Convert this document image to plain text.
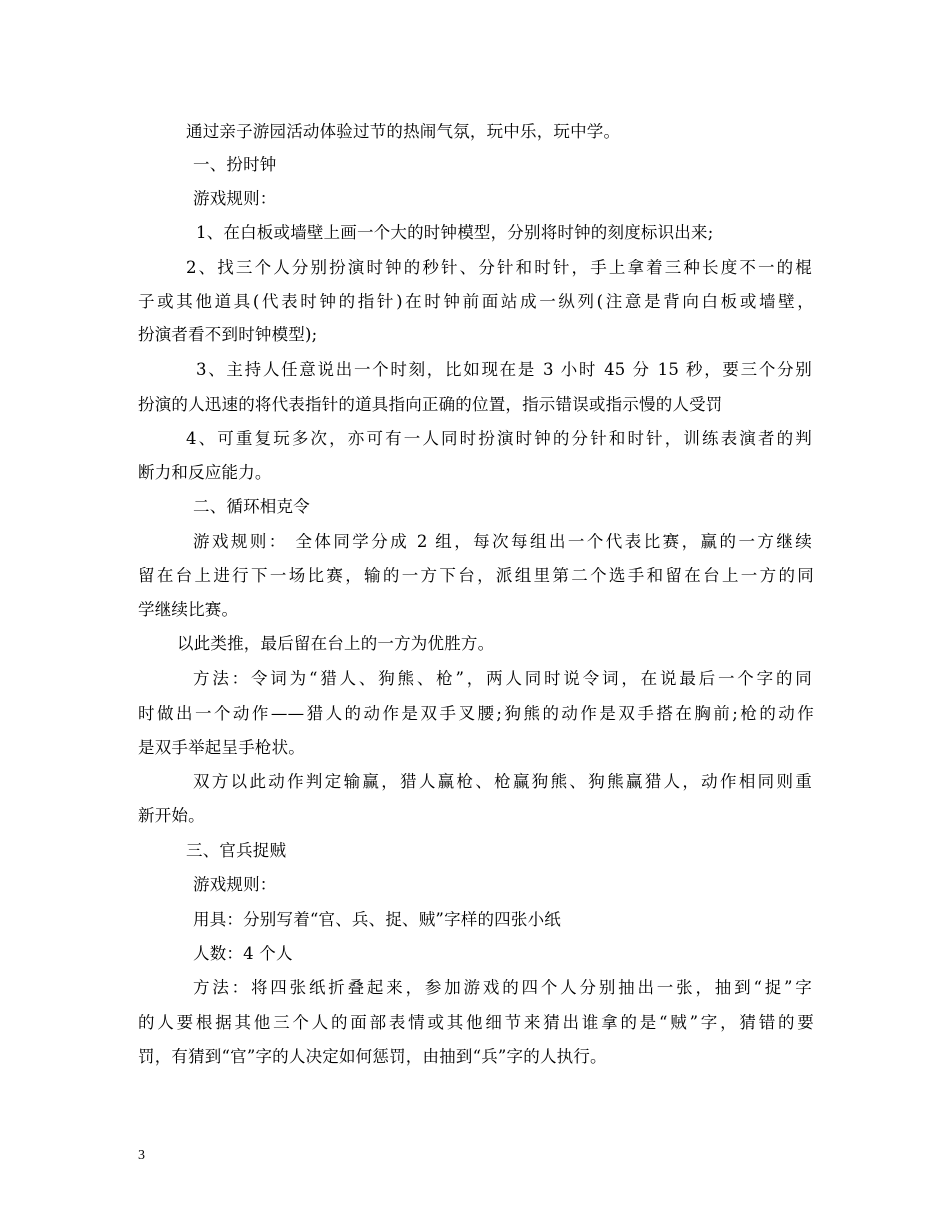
通过亲子游园活动体验过节的热闹气氛，玩中乐，玩中学。
一、扮时钟
游戏规则：
1、在白板或墙壁上画一个大的时钟模型，分别将时钟的刻度标识出来;
2、找三个人分别扮演时钟的秒针、分针和时针，手上拿着三种长度不一的棍
子或其他道具(代表时钟的指针)在时钟前面站成一纵列(注意是背向白板或墙壁，
扮演者看不到时钟模型);
3、主持人任意说出一个时刻，比如现在是 3 小时 45 分 15 秒，要三个分别
扮演的人迅速的将代表指针的道具指向正确的位置，指示错误或指示慢的人受罚
4、可重复玩多次，亦可有一人同时扮演时钟的分针和时针，训练表演者的判
断力和反应能力。
二、循环相克令
游戏规则： 全体同学分成 2 组，每次每组出一个代表比赛，赢的一方继续
留在台上进行下一场比赛，输的一方下台，派组里第二个选手和留在台上一方的同
学继续比赛。
以此类推，最后留在台上的一方为优胜方。
方法：令词为“猎人、狗熊、枪”，两人同时说令词，在说最后一个字的同
时做出一个动作——猎人的动作是双手叉腰;狗熊的动作是双手搭在胸前;枪的动作
是双手举起呈手枪状。
双方以此动作判定输赢，猎人赢枪、枪赢狗熊、狗熊赢猎人，动作相同则重
新开始。
三、官兵捉贼
游戏规则：
用具：分别写着“官、兵、捉、贼”字样的四张小纸
人数：4 个人
方法：将四张纸折叠起来，参加游戏的四个人分别抽出一张，抽到“捉”字
的人要根据其他三个人的面部表情或其他细节来猜出谁拿的是“贼”字，猜错的要
罚，有猜到“官”字的人决定如何惩罚，由抽到“兵”字的人执行。
3
